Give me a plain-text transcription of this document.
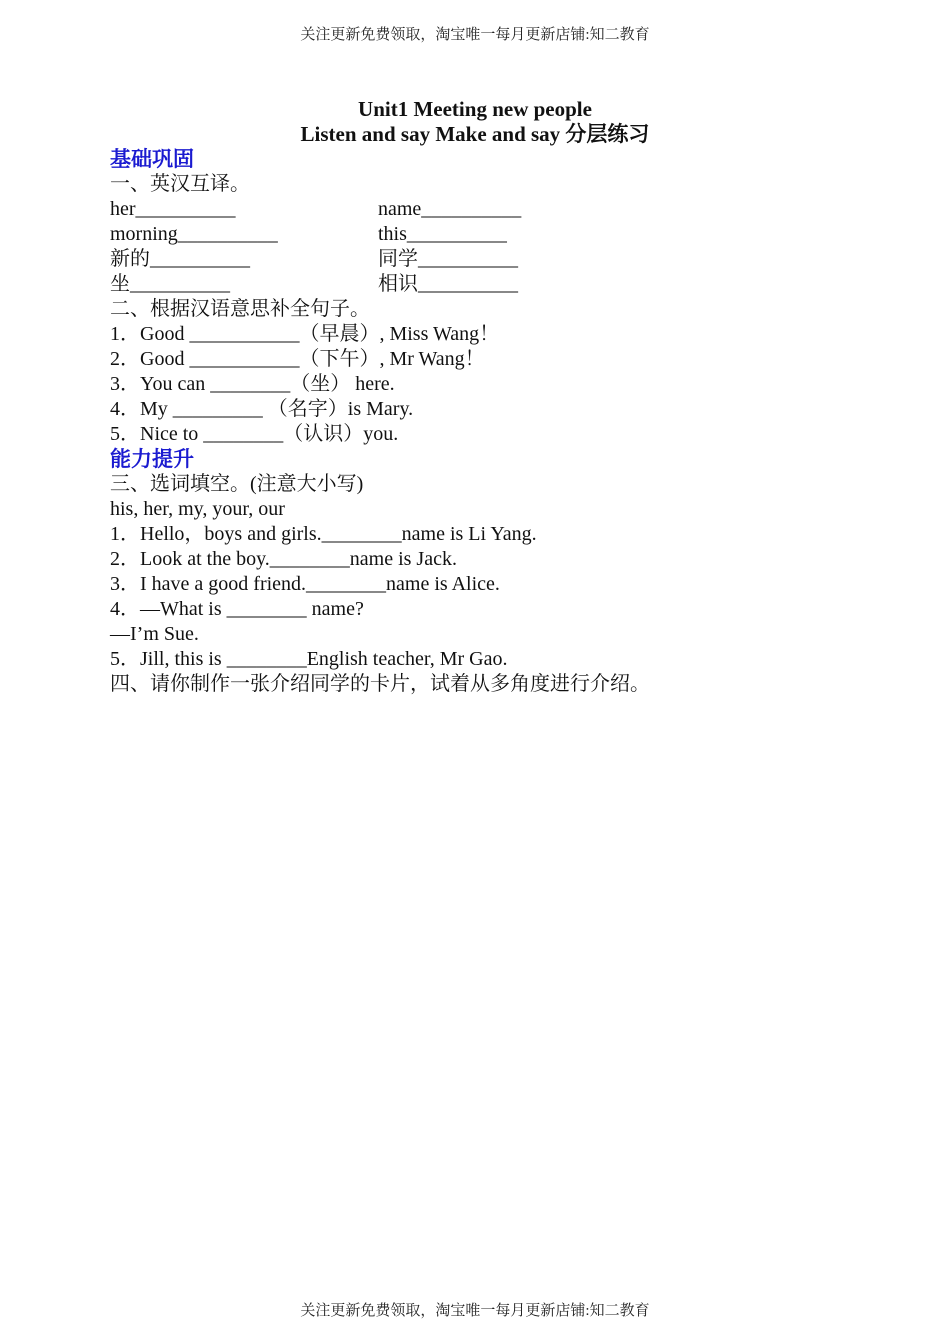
关注更新免费领取，淘宝唯一每月更新店铺:知二教育
Unit1 Meeting new people
Listen and say Make and say 分层练习
基础巩固
一、英汉互译。
her__________	name__________
morning__________	this__________
新的__________	同学__________
坐__________	相识__________
二、根据汉语意思补全句子。
1．Good ___________（早晨）, Miss Wang！
2．Good ___________（下午）, Mr Wang！
3．You can ________（坐） here.
4．My _________ （名字）is Mary.
5．Nice to ________（认识）you.
能力提升
三、选词填空。(注意大小写)
his, her, my, your, our
1．Hello，boys and girls.________name is Li Yang.
2．Look at the boy.________name is Jack.
3．I have a good friend.________name is Alice.
4．—What is ________ name?
—I’m Sue.
5．Jill, this is ________English teacher, Mr Gao.
四、请你制作一张介绍同学的卡片，试着从多角度进行介绍。
关注更新免费领取，淘宝唯一每月更新店铺:知二教育
